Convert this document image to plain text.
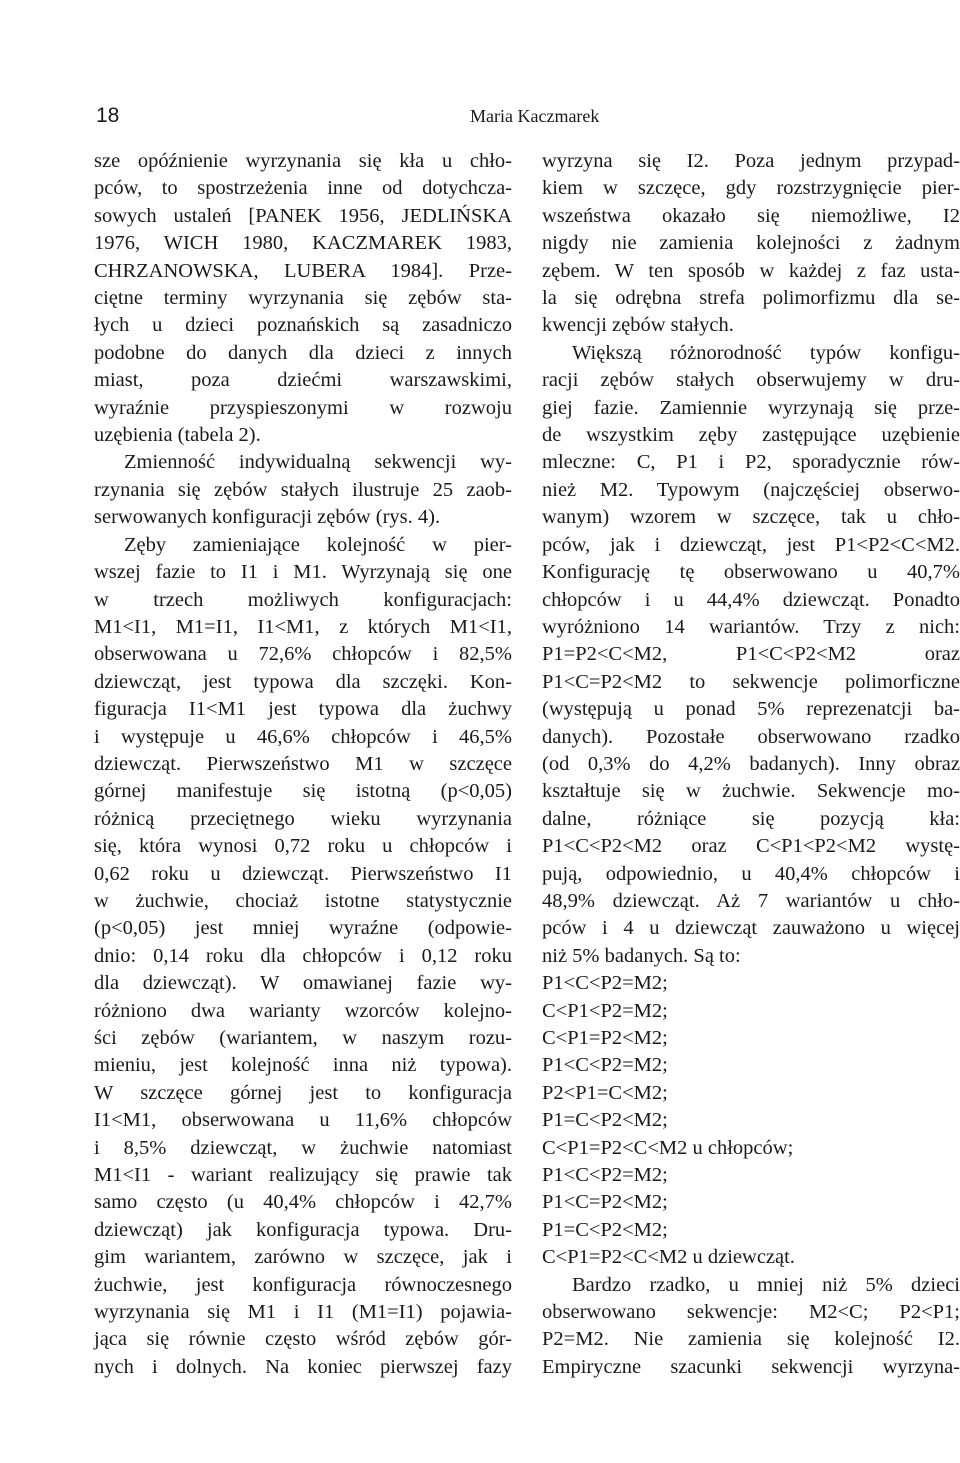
18	Maria Kaczmarek
sze opóźnienie wyrzynania się kła u chło-
pców, to spostrzeżenia inne od dotychcza-
sowych ustaleń [PANEK 1956, JEDLIŃSKA
1976, WICH 1980, KACZMAREK 1983,
CHRZANOWSKA, LUBERA 1984]. Prze-
ciętne terminy wyrzynania się zębów sta-
łych u dzieci poznańskich są zasadniczo
podobne do danych dla dzieci z innych
miast, poza dziećmi warszawskimi,
wyraźnie przyspieszonymi w rozwoju
uzębienia (tabela 2).
Zmienność indywidualną sekwencji wy-
rzynania się zębów stałych ilustruje 25 zaob-
serwowanych konfiguracji zębów (rys. 4).
Zęby zamieniające kolejność w pier-
wszej fazie to I1 i M1. Wyrzynają się one
w trzech możliwych konfiguracjach:
M1<I1, M1=I1, I1<M1, z których M1<I1,
obserwowana u 72,6% chłopców i 82,5%
dziewcząt, jest typowa dla szczęki. Kon-
figuracja I1<M1 jest typowa dla żuchwy
i występuje u 46,6% chłopców i 46,5%
dziewcząt. Pierwszeństwo M1 w szczęce
górnej manifestuje się istotną (p<0,05)
różnicą przeciętnego wieku wyrzynania
się, która wynosi 0,72 roku u chłopców i
0,62 roku u dziewcząt. Pierwszeństwo I1
w żuchwie, chociaż istotne statystycznie
(p<0,05) jest mniej wyraźne (odpowie-
dnio: 0,14 roku dla chłopców i 0,12 roku
dla dziewcząt). W omawianej fazie wy-
różniono dwa warianty wzorców kolejno-
ści zębów (wariantem, w naszym rozu-
mieniu, jest kolejność inna niż typowa).
W szczęce górnej jest to konfiguracja
I1<M1, obserwowana u 11,6% chłopców
i 8,5% dziewcząt, w żuchwie natomiast
M1<I1 - wariant realizujący się prawie tak
samo często (u 40,4% chłopców i 42,7%
dziewcząt) jak konfiguracja typowa. Dru-
gim wariantem, zarówno w szczęce, jak i
żuchwie, jest konfiguracja równoczesnego
wyrzynania się M1 i I1 (M1=I1) pojawia-
jąca się równie często wśród zębów gór-
nych i dolnych. Na koniec pierwszej fazy
wyrzyna się I2. Poza jednym przypad-
kiem w szczęce, gdy rozstrzygnięcie pier-
wszeństwa okazało się niemożliwe, I2
nigdy nie zamienia kolejności z żadnym
zębem. W ten sposób w każdej z faz usta-
la się odrębna strefa polimorfizmu dla se-
kwencji zębów stałych.
Większą różnorodność typów konfigu-
racji zębów stałych obserwujemy w dru-
giej fazie. Zamiennie wyrzynają się prze-
de wszystkim zęby zastępujące uzębienie
mleczne: C, P1 i P2, sporadycznie rów-
nież M2. Typowym (najczęściej obserwo-
wanym) wzorem w szczęce, tak u chło-
pców, jak i dziewcząt, jest P1<P2<C<M2.
Konfigurację tę obserwowano u 40,7%
chłopców i u 44,4% dziewcząt. Ponadto
wyróżniono 14 wariantów. Trzy z nich:
P1=P2<C<M2, P1<C<P2<M2 oraz
P1<C=P2<M2 to sekwencje polimorficzne
(występują u ponad 5% reprezenatcji ba-
danych). Pozostałe obserwowano rzadko
(od 0,3% do 4,2% badanych). Inny obraz
kształtuje się w żuchwie. Sekwencje mo-
dalne, różniące się pozycją kła:
P1<C<P2<M2 oraz C<P1<P2<M2 wystę-
pują, odpowiednio, u 40,4% chłopców i
48,9% dziewcząt. Aż 7 wariantów u chło-
pców i 4 u dziewcząt zauważono u więcej
niż 5% badanych. Są to:
P1<C<P2=M2;
C<P1<P2=M2;
C<P1=P2<M2;
P1<C<P2=M2;
P2<P1=C<M2;
P1=C<P2<M2;
C<P1=P2<C<M2 u chłopców;
P1<C<P2=M2;
P1<C=P2<M2;
P1=C<P2<M2;
C<P1=P2<C<M2 u dziewcząt.
Bardzo rzadko, u mniej niż 5% dzieci
obserwowano sekwencje: M2<C; P2<P1;
P2=M2. Nie zamienia się kolejność I2.
Empiryczne szacunki sekwencji wyrzyna-
